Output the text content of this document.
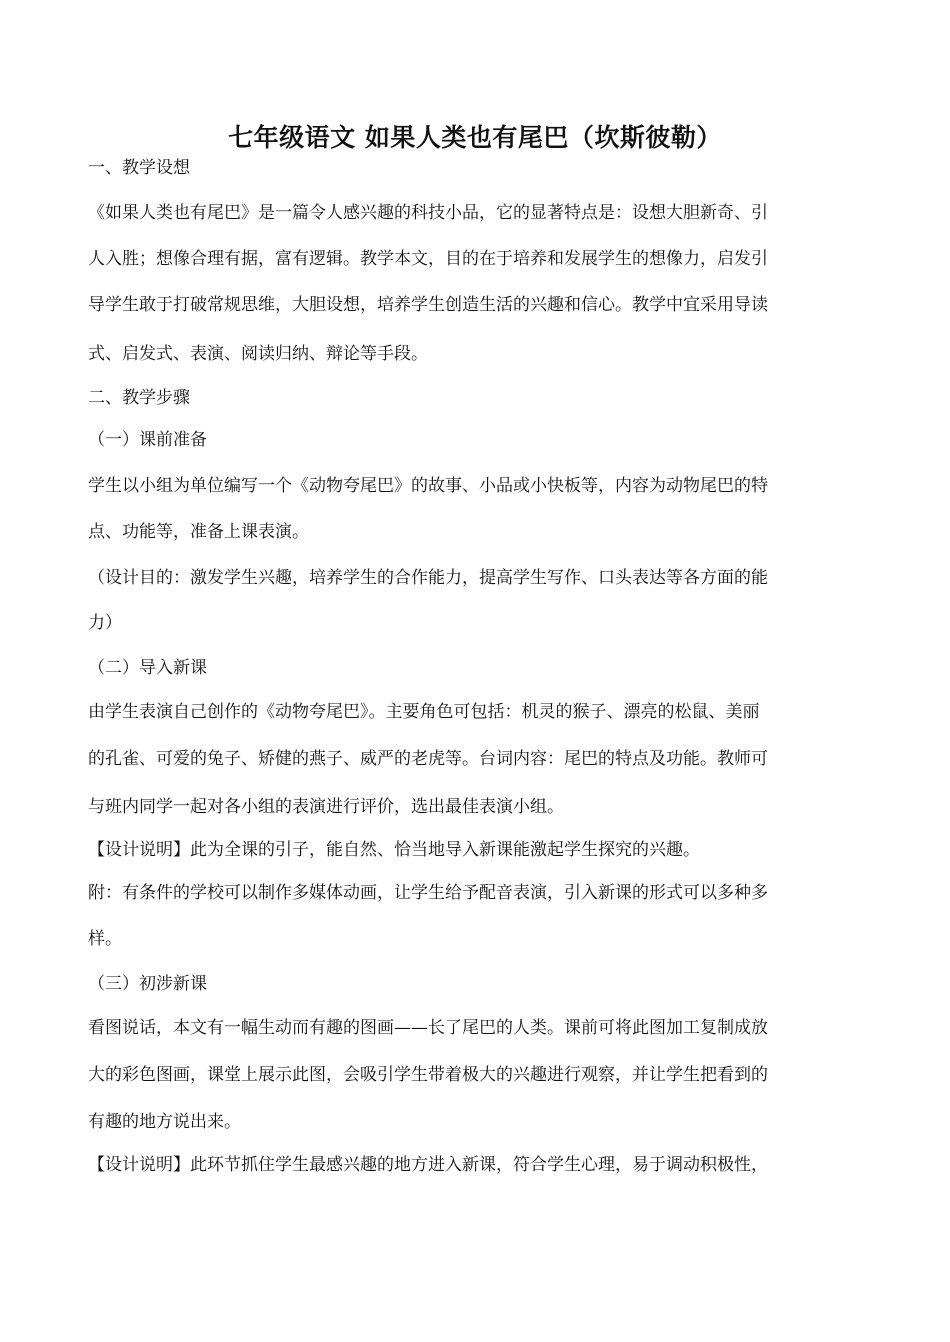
七年级语文 如果人类也有尾巴（坎斯彼勒）
一、教学设想
《如果人类也有尾巴》是一篇令人感兴趣的科技小品，它的显著特点是：设想大胆新奇、引
人入胜；想像合理有据，富有逻辑。教学本文，目的在于培养和发展学生的想像力，启发引
导学生敢于打破常规思维，大胆设想，培养学生创造生活的兴趣和信心。教学中宜采用导读
式、启发式、表演、阅读归纳、辩论等手段。
二、教学步骤
（一）课前准备
学生以小组为单位编写一个《动物夸尾巴》的故事、小品或小快板等，内容为动物尾巴的特
点、功能等，准备上课表演。
（设计目的：激发学生兴趣，培养学生的合作能力，提高学生写作、口头表达等各方面的能
力）
（二）导入新课
由学生表演自己创作的《动物夸尾巴》。主要角色可包括：机灵的猴子、漂亮的松鼠、美丽
的孔雀、可爱的兔子、矫健的燕子、威严的老虎等。台词内容：尾巴的特点及功能。教师可
与班内同学一起对各小组的表演进行评价，选出最佳表演小组。
【设计说明】此为全课的引子，能自然、恰当地导入新课能激起学生探究的兴趣。
附：有条件的学校可以制作多媒体动画，让学生给予配音表演，引入新课的形式可以多种多
样。
（三）初涉新课
看图说话，本文有一幅生动而有趣的图画——长了尾巴的人类。课前可将此图加工复制成放
大的彩色图画，课堂上展示此图，会吸引学生带着极大的兴趣进行观察，并让学生把看到的
有趣的地方说出来。
【设计说明】此环节抓住学生最感兴趣的地方进入新课，符合学生心理，易于调动积极性，
